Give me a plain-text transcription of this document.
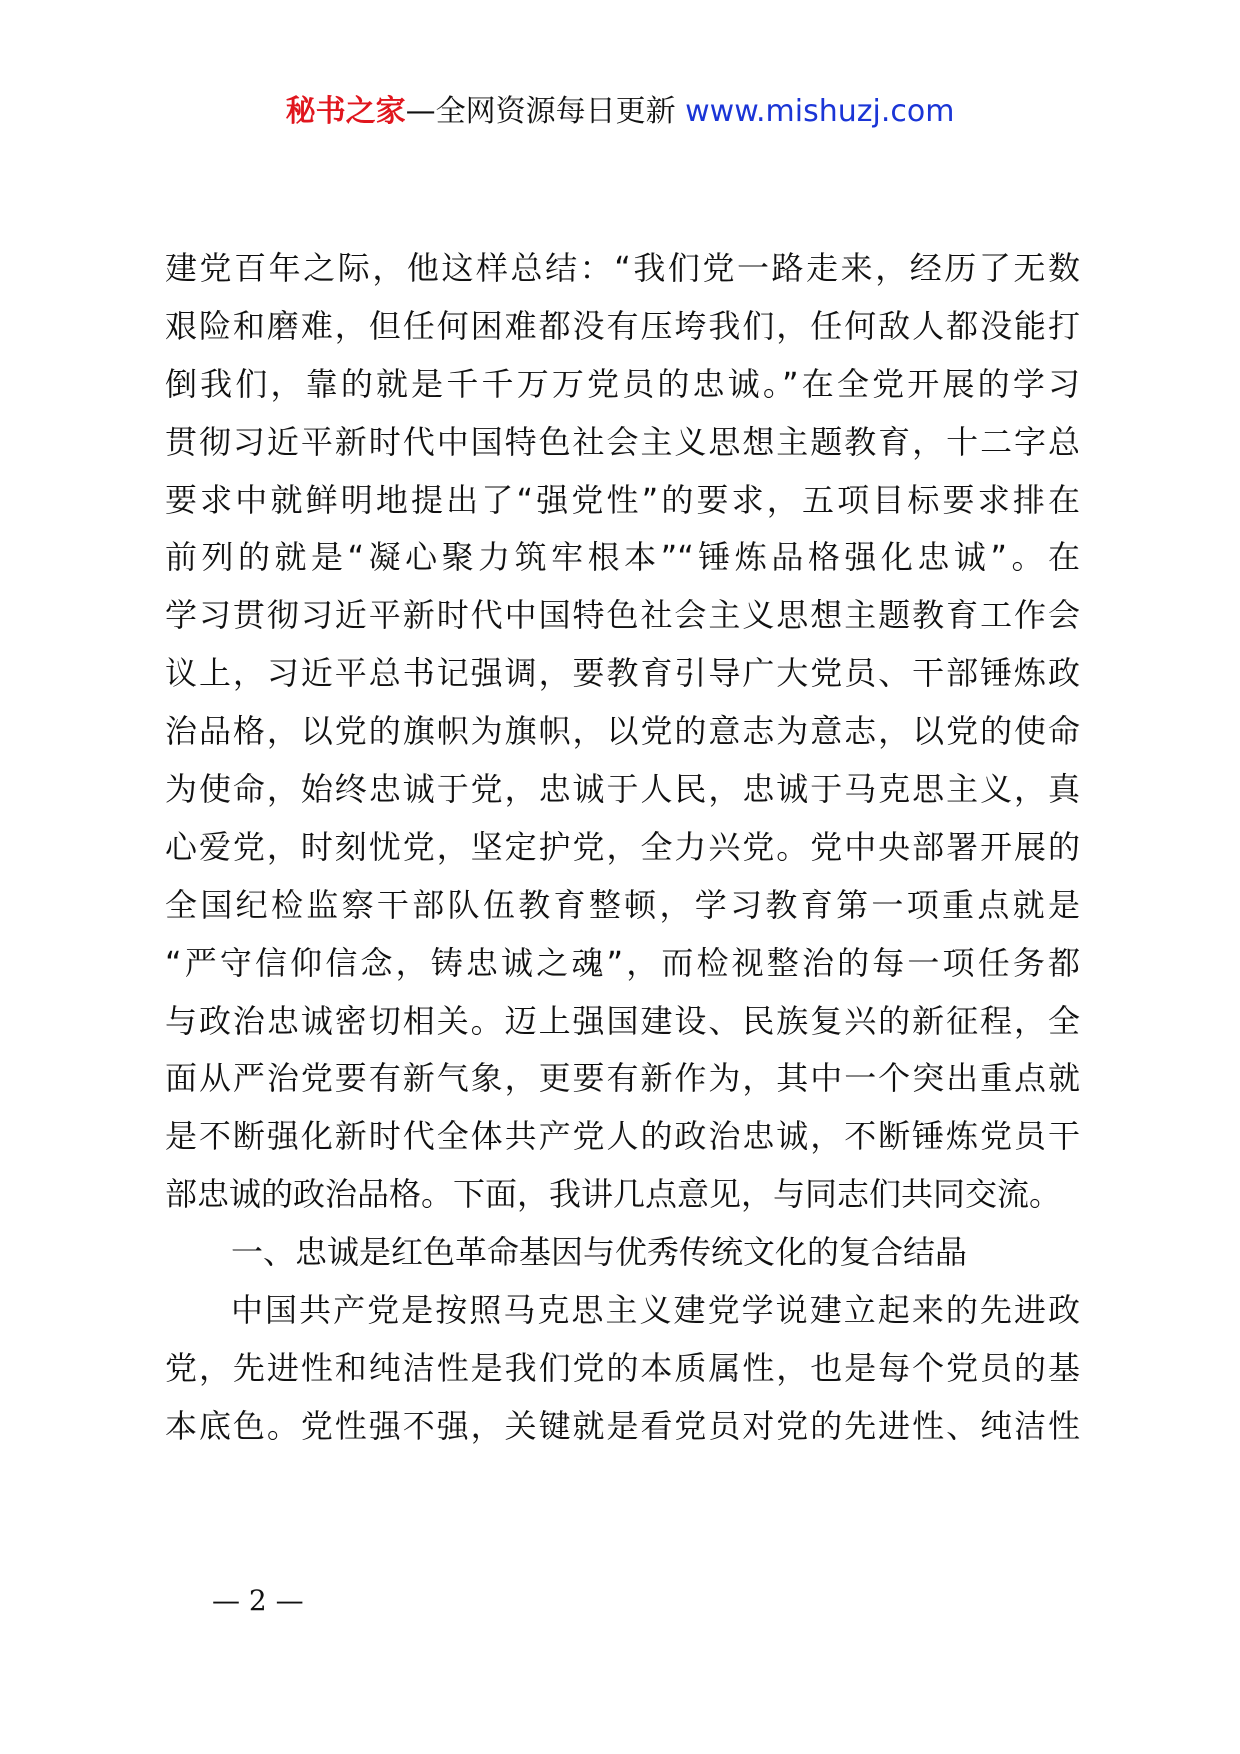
秘书之家—全网资源每日更新 www.mishuzj.com
建党百年之际，他这样总结：“我们党一路走来，经历了无数
艰险和磨难，但任何困难都没有压垮我们，任何敌人都没能打
倒我们，靠的就是千千万万党员的忠诚。”在全党开展的学习
贯彻习近平新时代中国特色社会主义思想主题教育，十二字总
要求中就鲜明地提出了“强党性”的要求，五项目标要求排在
前列的就是“凝心聚力筑牢根本”“锤炼品格强化忠诚”。在
学习贯彻习近平新时代中国特色社会主义思想主题教育工作会
议上，习近平总书记强调，要教育引导广大党员、干部锤炼政
治品格，以党的旗帜为旗帜，以党的意志为意志，以党的使命
为使命，始终忠诚于党，忠诚于人民，忠诚于马克思主义，真
心爱党，时刻忧党，坚定护党，全力兴党。党中央部署开展的
全国纪检监察干部队伍教育整顿，学习教育第一项重点就是
“严守信仰信念，铸忠诚之魂”，而检视整治的每一项任务都
与政治忠诚密切相关。迈上强国建设、民族复兴的新征程，全
面从严治党要有新气象，更要有新作为，其中一个突出重点就
是不断强化新时代全体共产党人的政治忠诚，不断锤炼党员干
部忠诚的政治品格。下面，我讲几点意见，与同志们共同交流。
一、忠诚是红色革命基因与优秀传统文化的复合结晶
中国共产党是按照马克思主义建党学说建立起来的先进政
党，先进性和纯洁性是我们党的本质属性，也是每个党员的基
本底色。党性强不强，关键就是看党员对党的先进性、纯洁性
— 2 —
